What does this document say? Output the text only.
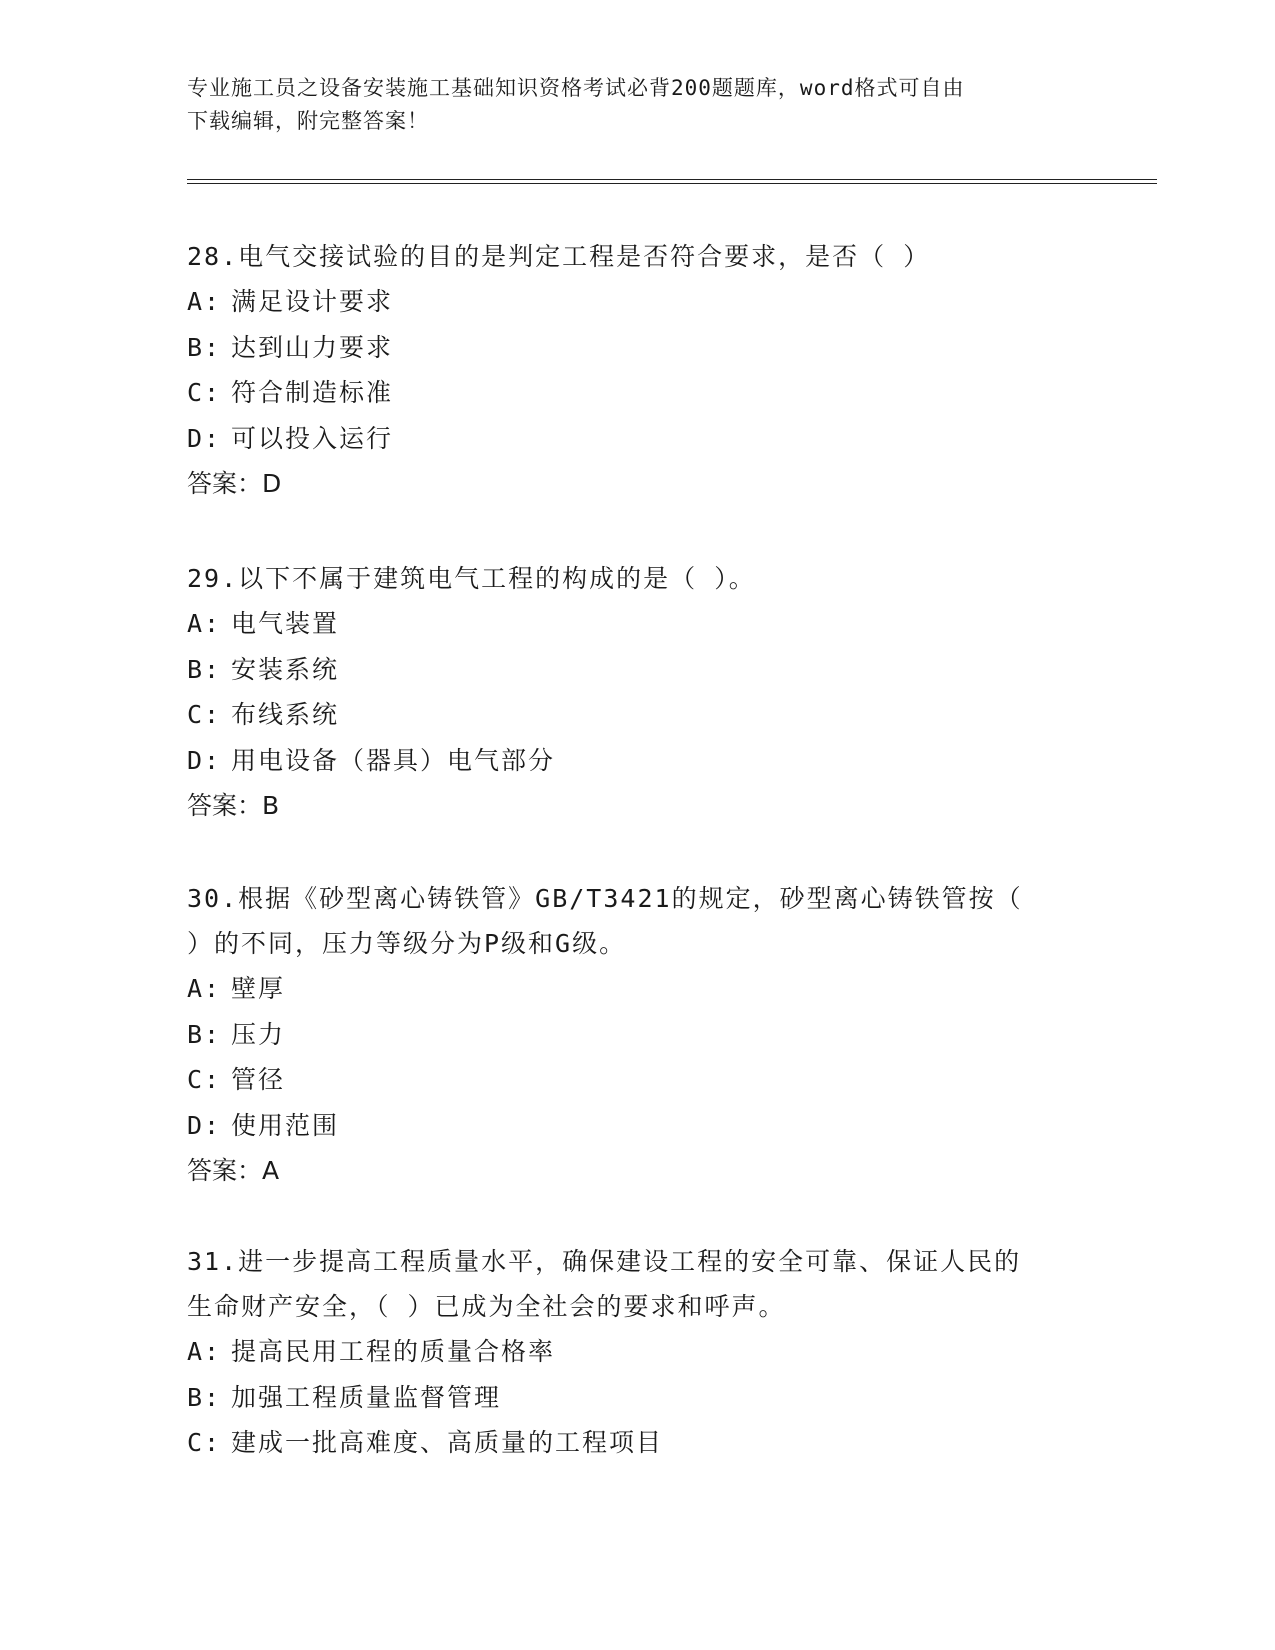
专业施工员之设备安装施工基础知识资格考试必背200题题库，word格式可自由
下载编辑，附完整答案！

28.电气交接试验的目的是判定工程是否符合要求，是否（ ）

A: 满足设计要求

B: 达到山力要求

C: 符合制造标准

D: 可以投入运行

答案：D

29.以下不属于建筑电气工程的构成的是（ ）。

A: 电气装置

B: 安装系统

C: 布线系统

D: 用电设备（器具）电气部分

答案：B

30.根据《砂型离心铸铁管》GB/T3421的规定，砂型离心铸铁管按（

）的不同，压力等级分为P级和G级。

A: 壁厚

B: 压力

C: 管径

D: 使用范围

答案：A

31.进一步提高工程质量水平，确保建设工程的安全可靠、保证人民的

生命财产安全，（ ）已成为全社会的要求和呼声。

A: 提高民用工程的质量合格率

B: 加强工程质量监督管理

C: 建成一批高难度、高质量的工程项目
